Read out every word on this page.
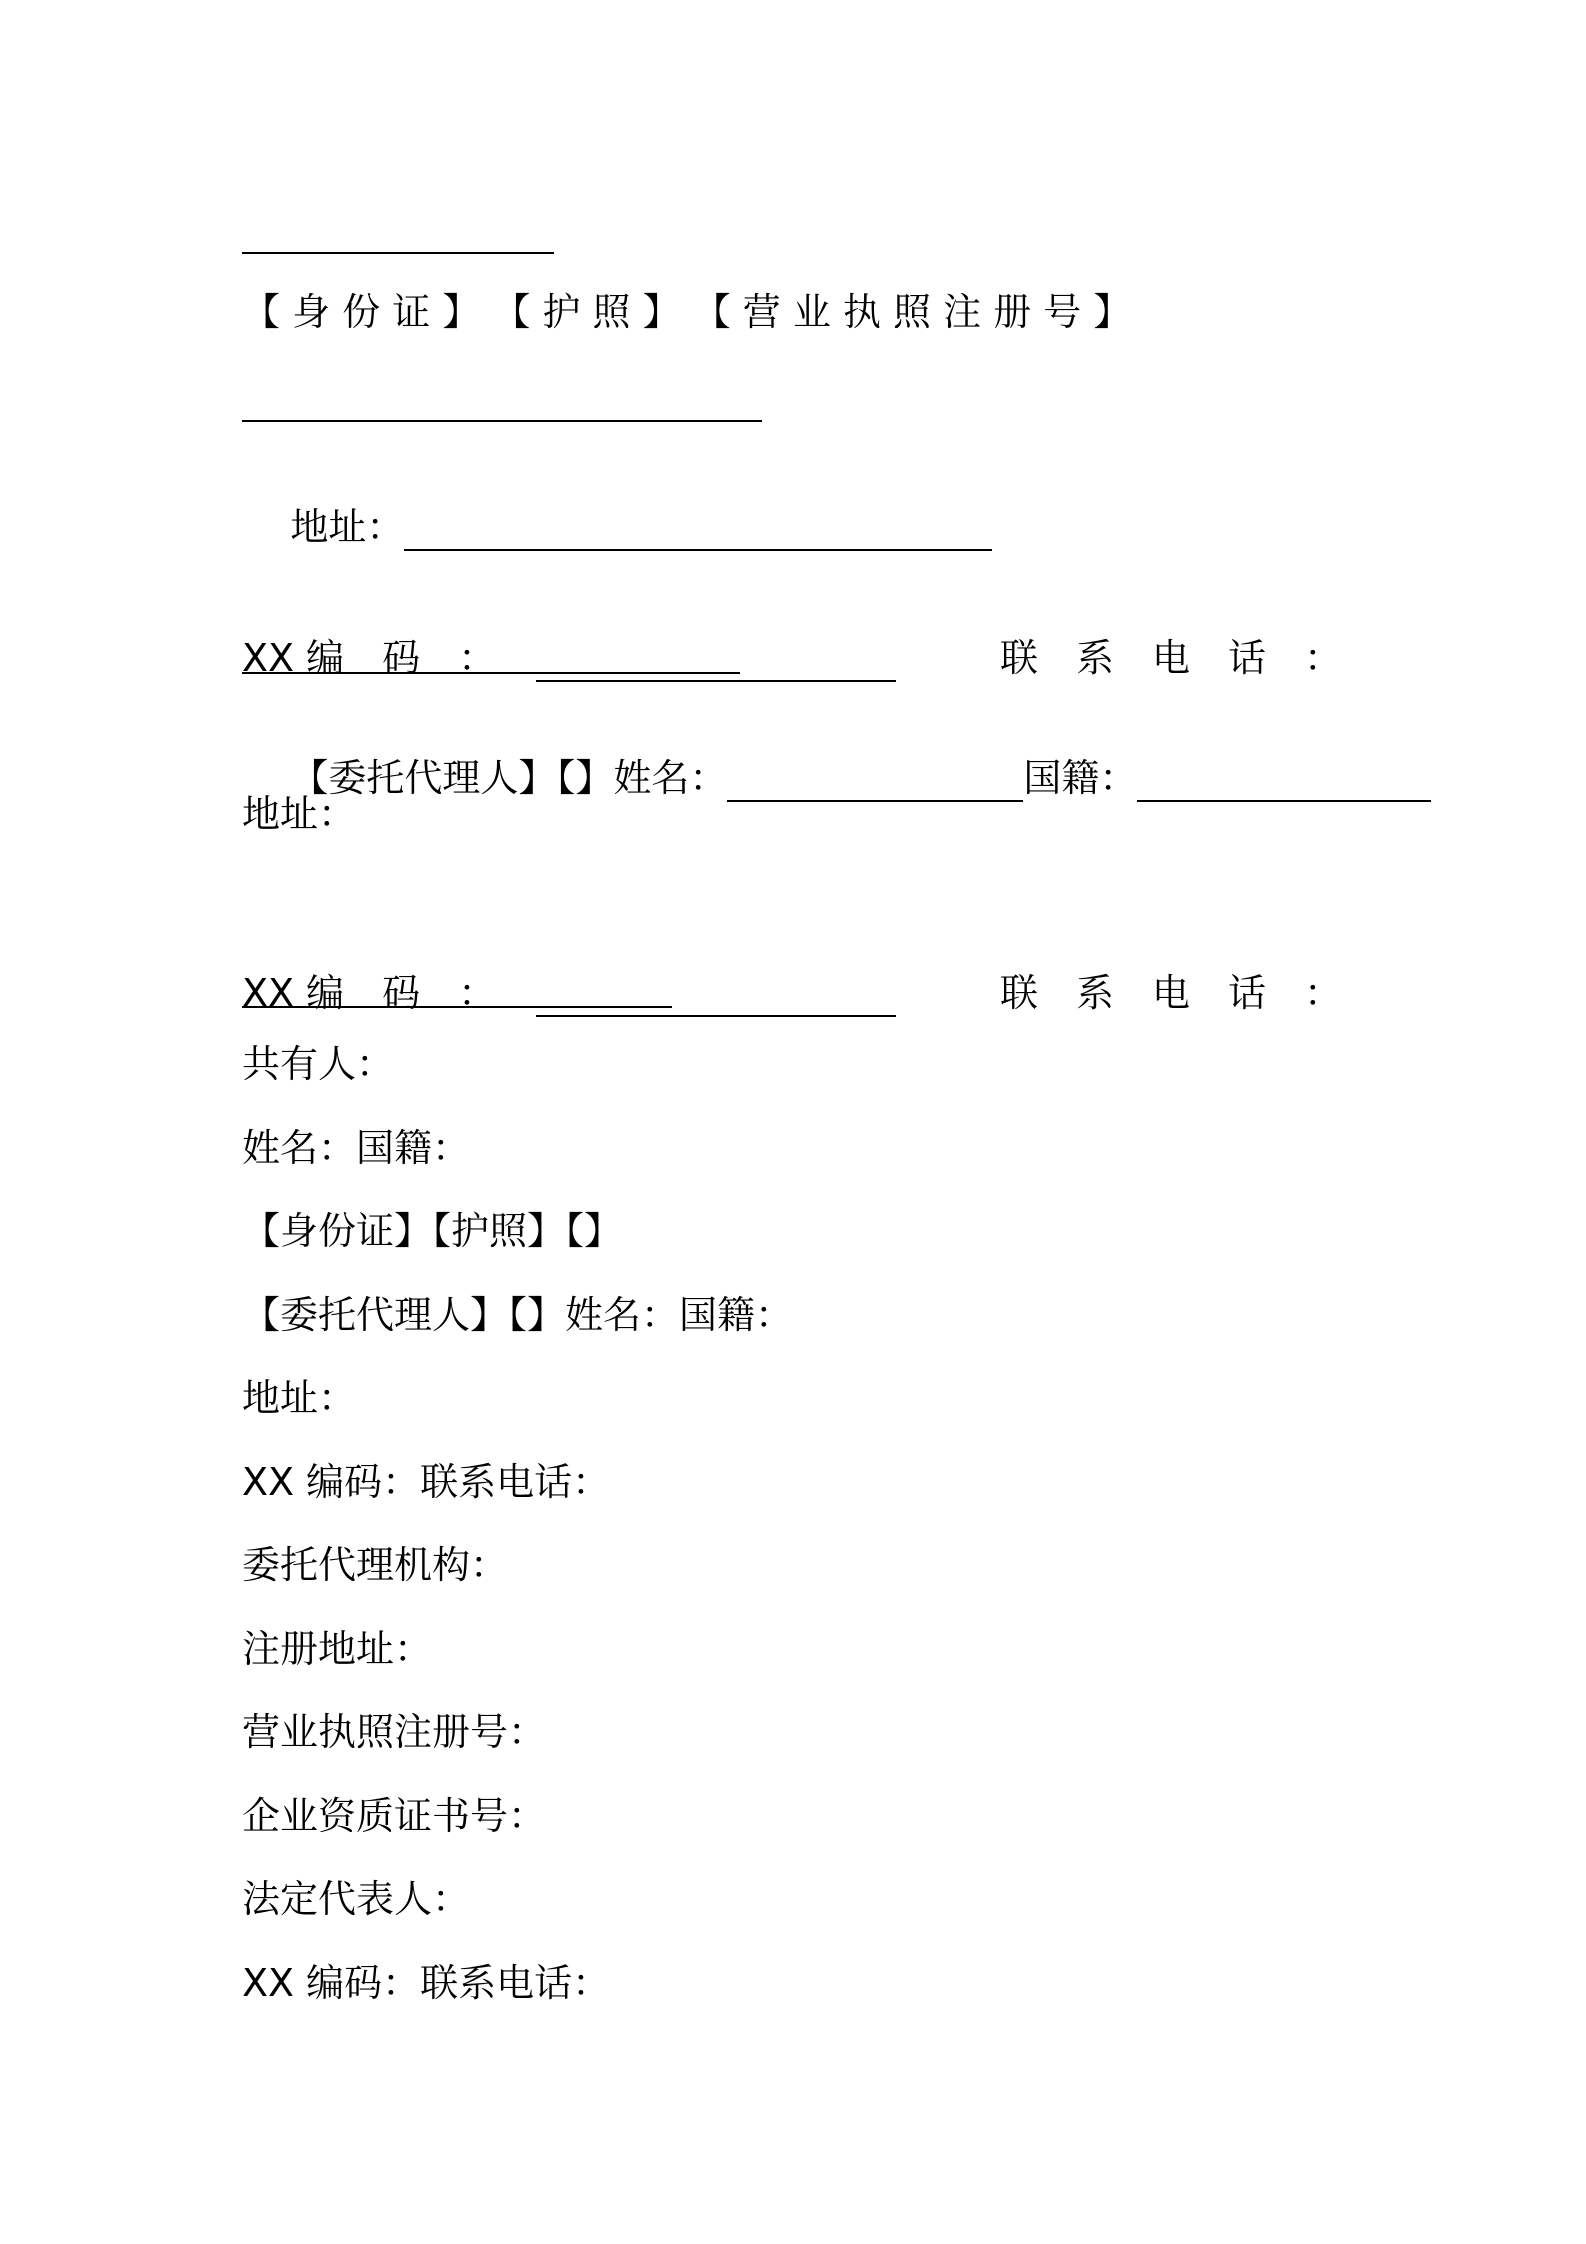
【 身 份 证 】 【 护 照 】 【 营 业 执 照 注 册 号 】

地址：

XX 编　码　：	联　系　电　话　：

【委托代理人】【】姓名：	国籍：

地址：

XX 编　码　：	联　系　电　话　：

共有人：
姓名：国籍：
【身份证】【护照】【】
【委托代理人】【】姓名：国籍：
地址：
XX 编码：联系电话：
委托代理机构：
注册地址：
营业执照注册号：
企业资质证书号：
法定代表人：
XX 编码：联系电话：
